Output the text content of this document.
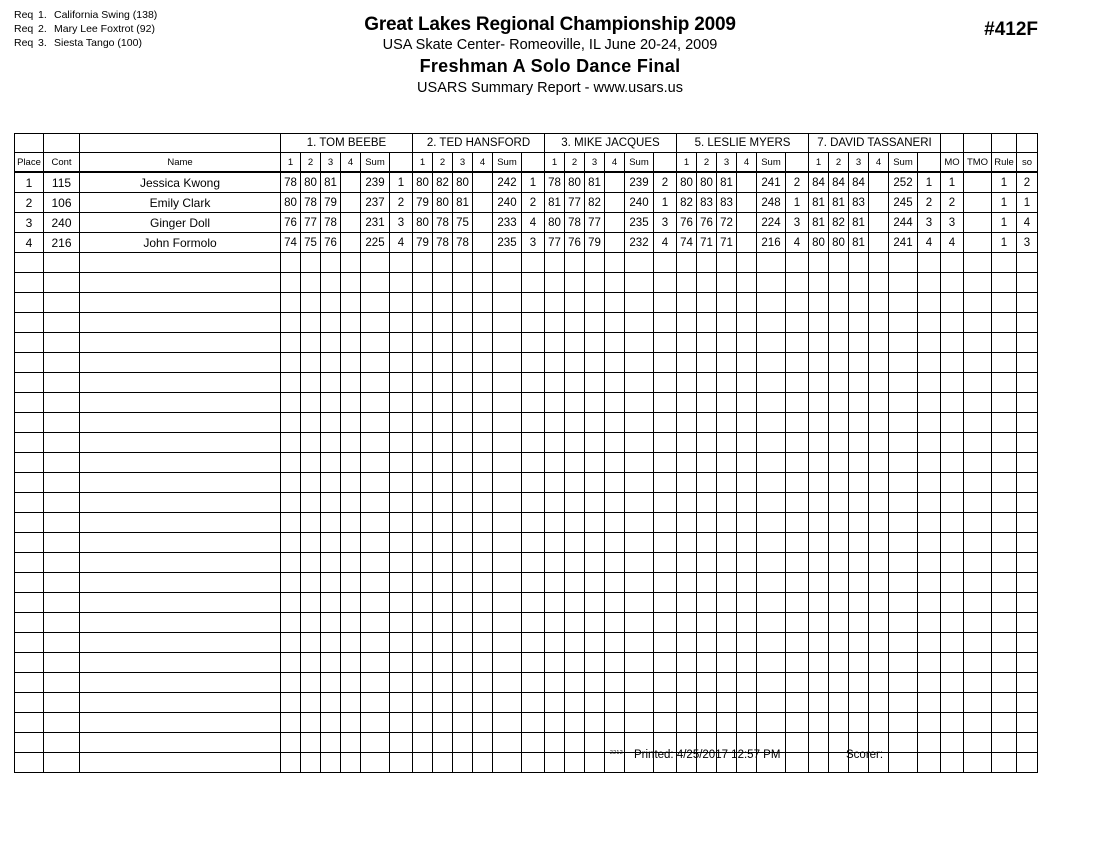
Req 1. California Swing (138)
Req 2. Mary Lee Foxtrot (92)
Req 3. Siesta Tango (100)
Great Lakes Regional Championship 2009
USA Skate Center- Romeoville, IL June 20-24, 2009
Freshman A Solo Dance Final
USARS Summary Report - www.usars.us
#412F
			1. TOM BEEBE						2. TED HANSFORD						3. MIKE JACQUES						5. LESLIE MYERS						7. DAVID TASSANERI									
Place	Cont	Name	1	2	3	4	Sum	Ord	1	2	3	4	Sum	Ord	1	2	3	4	Sum	Ord	1	2	3	4	Sum	Ord	1	2	3	4	Sum	Ord	MO	TMO	Rule	so
1	115	Jessica Kwong	78	80	81		239	1	80	82	80		242	1	78	80	81		239	2	80	80	81		241	2	84	84	84		252	1	1		1	2
2	106	Emily Clark	80	78	79		237	2	79	80	81		240	2	81	77	82		240	1	82	83	83		248	1	81	81	83		245	2	2		1	1
3	240	Ginger Doll	76	77	78		231	3	80	78	75		233	4	80	78	77		235	3	76	76	72		224	3	81	82	81		244	3	3		1	4
4	216	John Formolo	74	75	76		225	4	79	78	78		235	3	77	76	79		232	4	74	71	71		216	4	80	80	81		241	4	4		1	3

2212 Printed: 4/25/2017 12:57 PM	Scorer:
